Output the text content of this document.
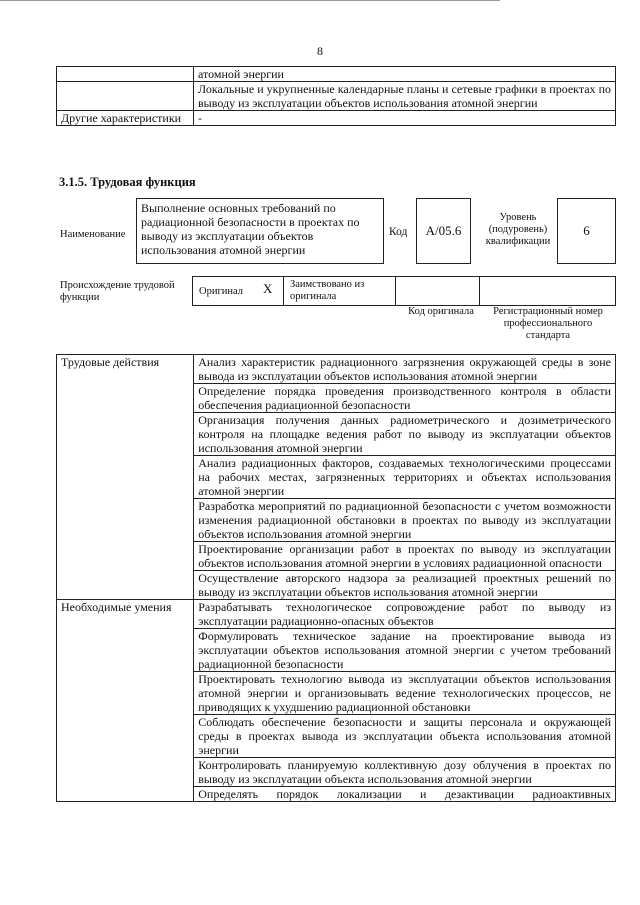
8
	атомной энергии
	Локальные и укрупненные календарные планы и сетевые графики в проектах по выводу из эксплуатации объектов использования атомной энергии
Другие характеристики	-
3.1.5. Трудовая функция
Наименование
Выполнение основных требований по радиационной безопасности в проектах по выводу из эксплуатации объектов использования атомной энергии
Код А/05.6
Уровень (подуровень) квалификации
6
Происхождение трудовой функции
Оригинал X Заимствовано из оригинала
Код оригинала	Регистрационный номер профессионального стандарта
Трудовые действия	Анализ характеристик радиационного загрязнения окружающей среды в зоне вывода из эксплуатации объектов использования атомной энергии
	Определение порядка проведения производственного контроля в области обеспечения радиационной безопасности
	Организация получения данных радиометрического и дозиметрического контроля на площадке ведения работ по выводу из эксплуатации объектов использования атомной энергии
	Анализ радиационных факторов, создаваемых технологическими процессами на рабочих местах, загрязненных территориях и объектах использования атомной энергии
	Разработка мероприятий по радиационной безопасности с учетом возможности изменения радиационной обстановки в проектах по выводу из эксплуатации объектов использования атомной энергии
	Проектирование организации работ в проектах по выводу из эксплуатации объектов использования атомной энергии в условиях радиационной опасности
	Осуществление авторского надзора за реализацией проектных решений по выводу из эксплуатации объектов использования атомной энергии
Необходимые умения	Разрабатывать технологическое сопровождение работ по выводу из эксплуатации радиационно-опасных объектов
	Формулировать техническое задание на проектирование вывода из эксплуатации объектов использования атомной энергии с учетом требований радиационной безопасности
	Проектировать технологию вывода из эксплуатации объектов использования атомной энергии и организовывать ведение технологических процессов, не приводящих к ухудшению радиационной обстановки
	Соблюдать обеспечение безопасности и защиты персонала и окружающей среды в проектах вывода из эксплуатации объекта использования атомной энергии
	Контролировать планируемую коллективную дозу облучения в проектах по выводу из эксплуатации объекта использования атомной энергии
	Определять порядок локализации и дезактивации радиоактивных
